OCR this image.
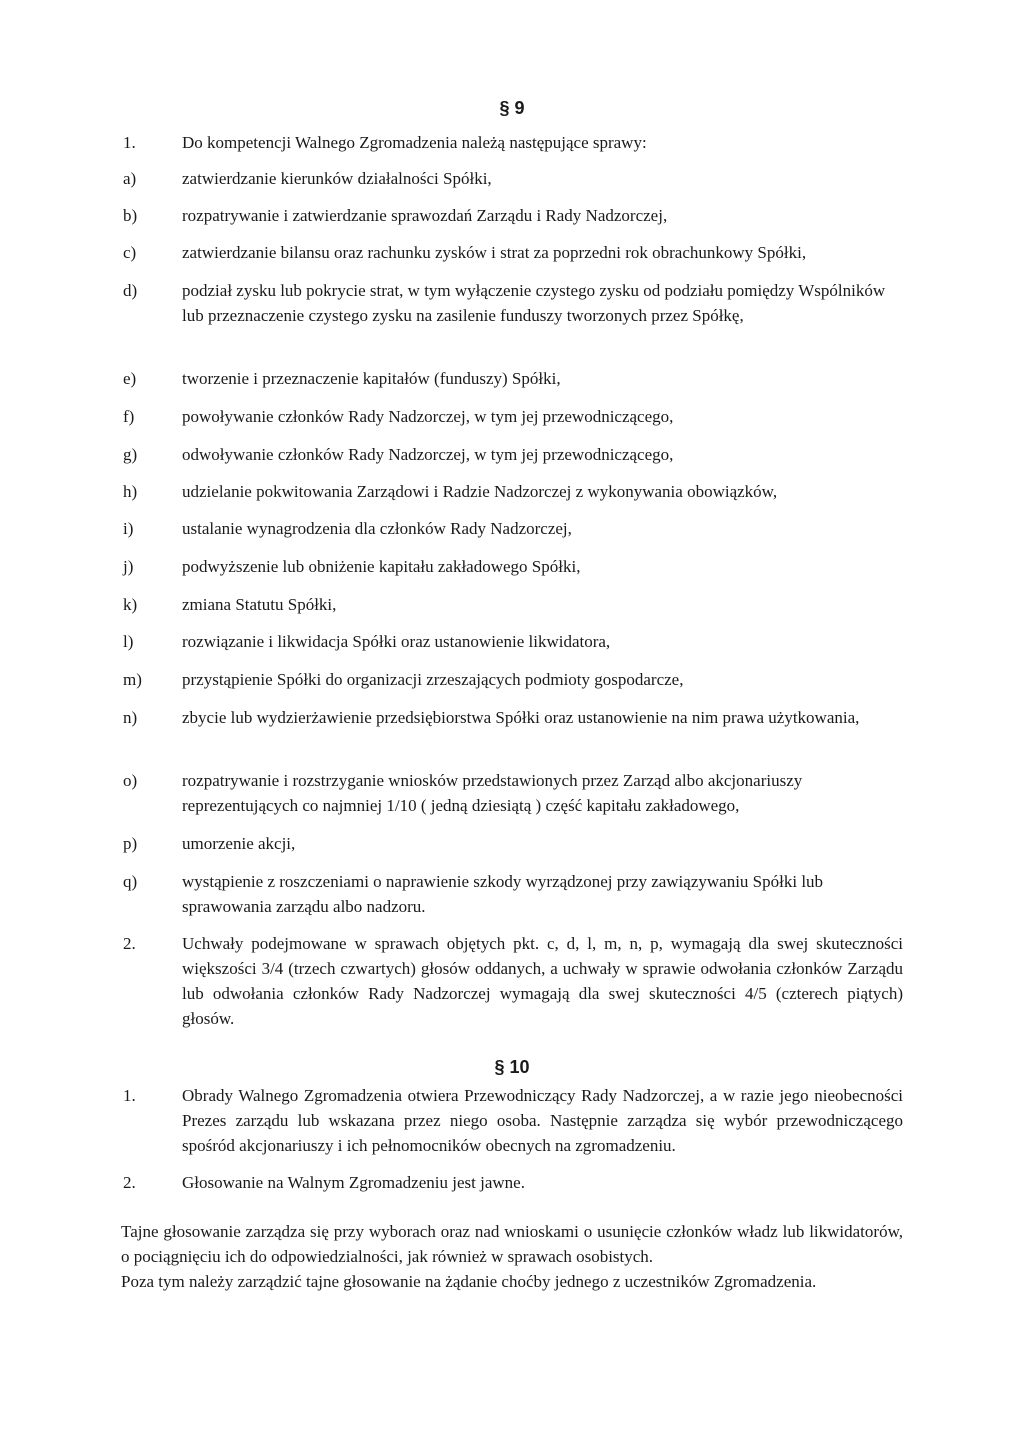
§ 9
1.	Do kompetencji Walnego Zgromadzenia należą następujące sprawy:
a)	zatwierdzanie kierunków działalności Spółki,
b)	rozpatrywanie i zatwierdzanie sprawozdań Zarządu i Rady Nadzorczej,
c)	zatwierdzanie bilansu oraz rachunku zysków i strat za poprzedni rok obrachunkowy Spółki,
d)	podział zysku lub pokrycie strat, w tym wyłączenie czystego zysku od podziału pomiędzy Wspólników lub przeznaczenie czystego zysku na zasilenie funduszy tworzonych przez Spółkę,
e)	tworzenie i przeznaczenie kapitałów (funduszy) Spółki,
f)	powoływanie członków Rady Nadzorczej, w tym jej przewodniczącego,
g)	odwoływanie członków Rady Nadzorczej, w tym jej przewodniczącego,
h)	udzielanie pokwitowania Zarządowi i Radzie Nadzorczej z wykonywania obowiązków,
i)	ustalanie wynagrodzenia dla członków Rady Nadzorczej,
j)	podwyższenie lub obniżenie kapitału zakładowego Spółki,
k)	zmiana Statutu Spółki,
l)	rozwiązanie i likwidacja Spółki oraz ustanowienie likwidatora,
m)	przystąpienie Spółki do organizacji zrzeszających podmioty gospodarcze,
n)	zbycie lub wydzierżawienie przedsiębiorstwa Spółki oraz ustanowienie na nim prawa użytkowania,
o)	rozpatrywanie i rozstrzyganie wniosków przedstawionych przez Zarząd albo akcjonariuszy reprezentujących co najmniej 1/10 ( jedną dziesiątą ) część kapitału zakładowego,
p)	umorzenie akcji,
q)	wystąpienie z roszczeniami o naprawienie szkody wyrządzonej przy zawiązywaniu Spółki lub sprawowania zarządu albo nadzoru.
2.	Uchwały podejmowane w sprawach objętych pkt. c, d, l, m, n, p, wymagają dla swej skuteczności większości 3/4 (trzech czwartych) głosów oddanych, a uchwały w sprawie odwołania członków Zarządu lub odwołania członków Rady Nadzorczej wymagają dla swej skuteczności 4/5 (czterech piątych) głosów.
§ 10
1.	Obrady Walnego Zgromadzenia otwiera Przewodniczący Rady Nadzorczej, a w razie jego nieobecności Prezes zarządu lub wskazana przez niego osoba. Następnie zarządza się wybór przewodniczącego spośród akcjonariuszy i ich pełnomocników obecnych na zgromadzeniu.
2.	Głosowanie na Walnym Zgromadzeniu jest jawne.

Tajne głosowanie zarządza się przy wyborach oraz nad wnioskami o usunięcie członków władz lub likwidatorów, o pociągnięciu ich do odpowiedzialności, jak również w sprawach osobistych.
Poza tym należy zarządzić tajne głosowanie na żądanie choćby jednego z uczestników Zgromadzenia.
